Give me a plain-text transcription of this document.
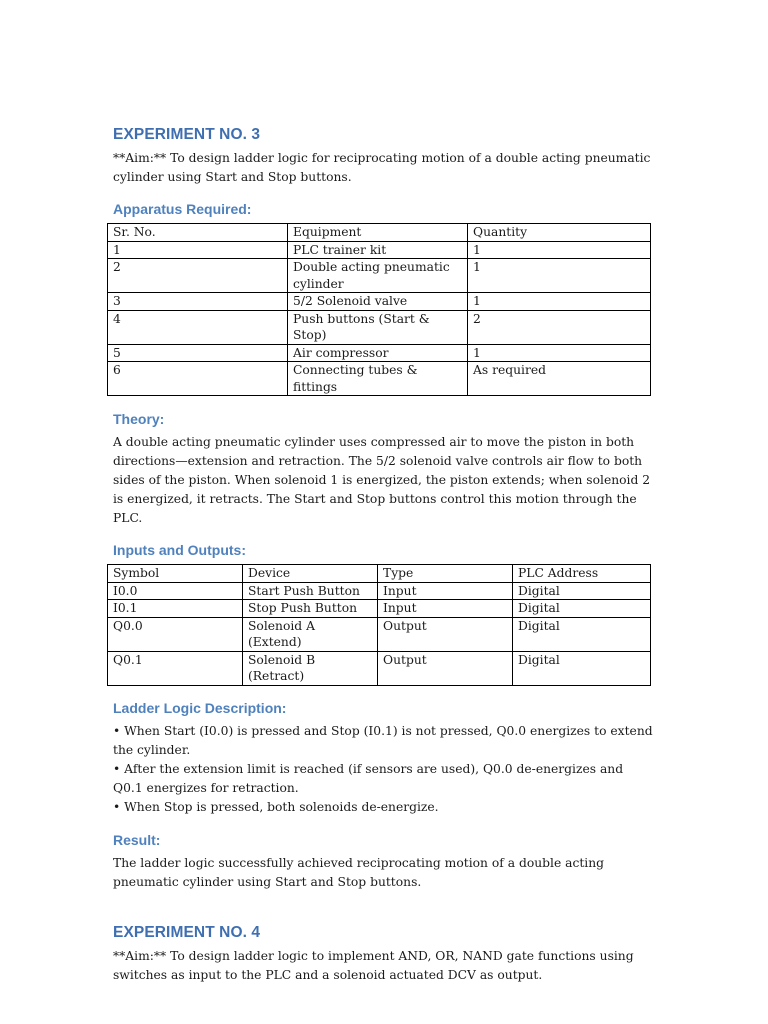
EXPERIMENT NO. 3

**Aim:** To design ladder logic for reciprocating motion of a double acting pneumatic cylinder using Start and Stop buttons.

Apparatus Required:
Sr. No.	Equipment	Quantity
1	PLC trainer kit	1
2	Double acting pneumatic cylinder	1
3	5/2 Solenoid valve	1
4	Push buttons (Start & Stop)	2
5	Air compressor	1
6	Connecting tubes & fittings	As required
Theory:

A double acting pneumatic cylinder uses compressed air to move the piston in both directions—extension and retraction. The 5/2 solenoid valve controls air flow to both sides of the piston. When solenoid 1 is energized, the piston extends; when solenoid 2 is energized, it retracts. The Start and Stop buttons control this motion through the PLC.

Inputs and Outputs:
Symbol	Device	Type	PLC Address
I0.0	Start Push Button	Input	Digital
I0.1	Stop Push Button	Input	Digital
Q0.0	Solenoid A (Extend)	Output	Digital
Q0.1	Solenoid B (Retract)	Output	Digital
Ladder Logic Description:

• When Start (I0.0) is pressed and Stop (I0.1) is not pressed, Q0.0 energizes to extend the cylinder.

• After the extension limit is reached (if sensors are used), Q0.0 de-energizes and Q0.1 energizes for retraction.

• When Stop is pressed, both solenoids de-energize.

Result:

The ladder logic successfully achieved reciprocating motion of a double acting pneumatic cylinder using Start and Stop buttons.

EXPERIMENT NO. 4

**Aim:** To design ladder logic to implement AND, OR, NAND gate functions using switches as input to the PLC and a solenoid actuated DCV as output.
